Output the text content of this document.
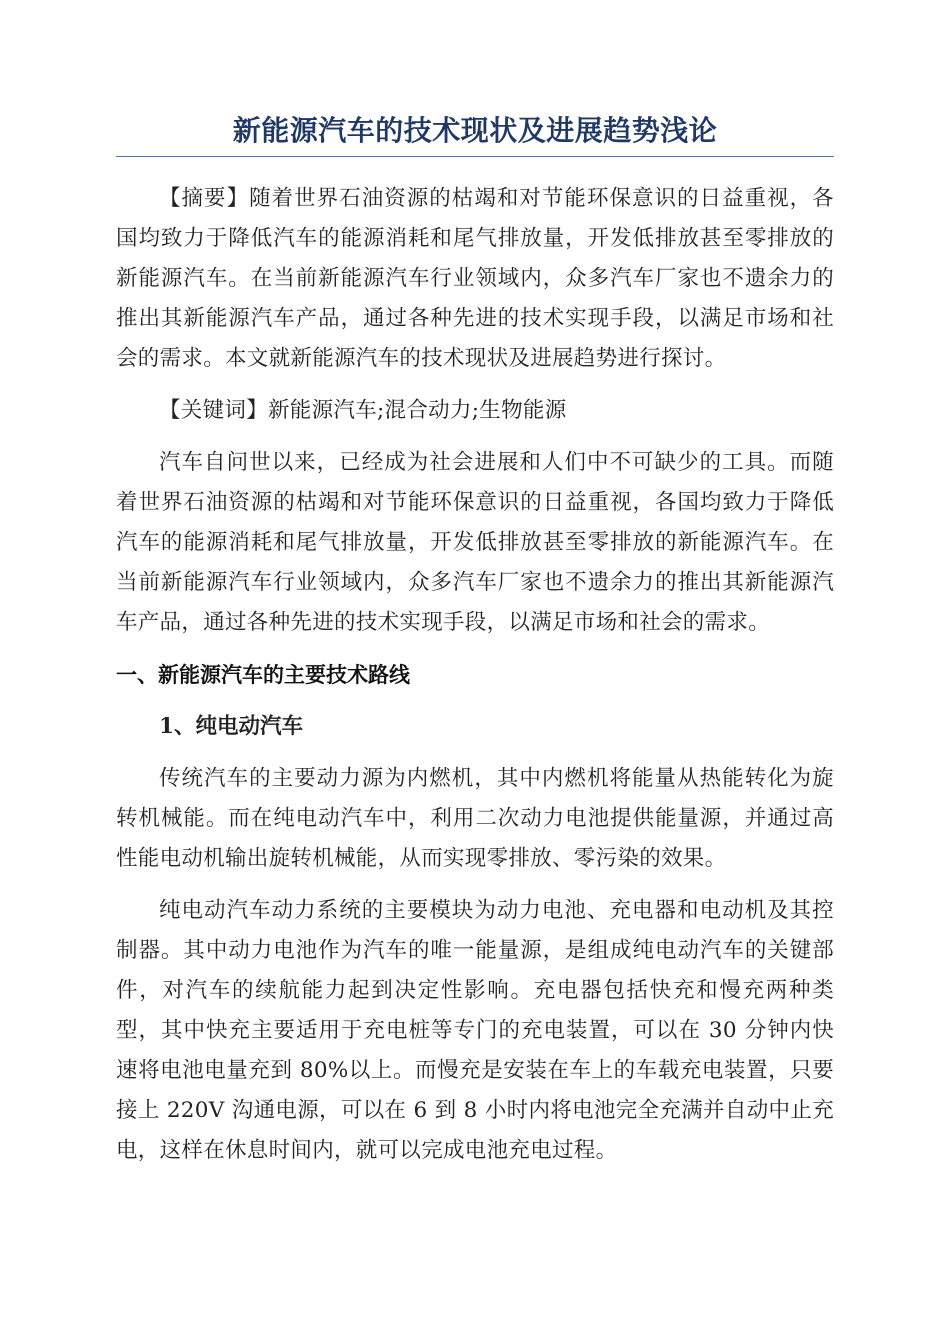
新能源汽车的技术现状及进展趋势浅论

【摘要】随着世界石油资源的枯竭和对节能环保意识的日益重视，各国均致力于降低汽车的能源消耗和尾气排放量，开发低排放甚至零排放的新能源汽车。在当前新能源汽车行业领域内，众多汽车厂家也不遗余力的推出其新能源汽车产品，通过各种先进的技术实现手段，以满足市场和社会的需求。本文就新能源汽车的技术现状及进展趋势进行探讨。

【关键词】新能源汽车;混合动力;生物能源

汽车自问世以来，已经成为社会进展和人们中不可缺少的工具。而随着世界石油资源的枯竭和对节能环保意识的日益重视，各国均致力于降低汽车的能源消耗和尾气排放量，开发低排放甚至零排放的新能源汽车。在当前新能源汽车行业领域内，众多汽车厂家也不遗余力的推出其新能源汽车产品，通过各种先进的技术实现手段，以满足市场和社会的需求。

一、新能源汽车的主要技术路线
1、纯电动汽车

传统汽车的主要动力源为内燃机，其中内燃机将能量从热能转化为旋转机械能。而在纯电动汽车中，利用二次动力电池提供能量源，并通过高性能电动机输出旋转机械能，从而实现零排放、零污染的效果。

纯电动汽车动力系统的主要模块为动力电池、充电器和电动机及其控制器。其中动力电池作为汽车的唯一能量源，是组成纯电动汽车的关键部件，对汽车的续航能力起到决定性影响。充电器包括快充和慢充两种类型，其中快充主要适用于充电桩等专门的充电装置，可以在 30 分钟内快速将电池电量充到 80%以上。而慢充是安装在车上的车载充电装置，只要接上 220V 沟通电源，可以在 6 到 8 小时内将电池完全充满并自动中止充电，这样在休息时间内，就可以完成电池充电过程。
